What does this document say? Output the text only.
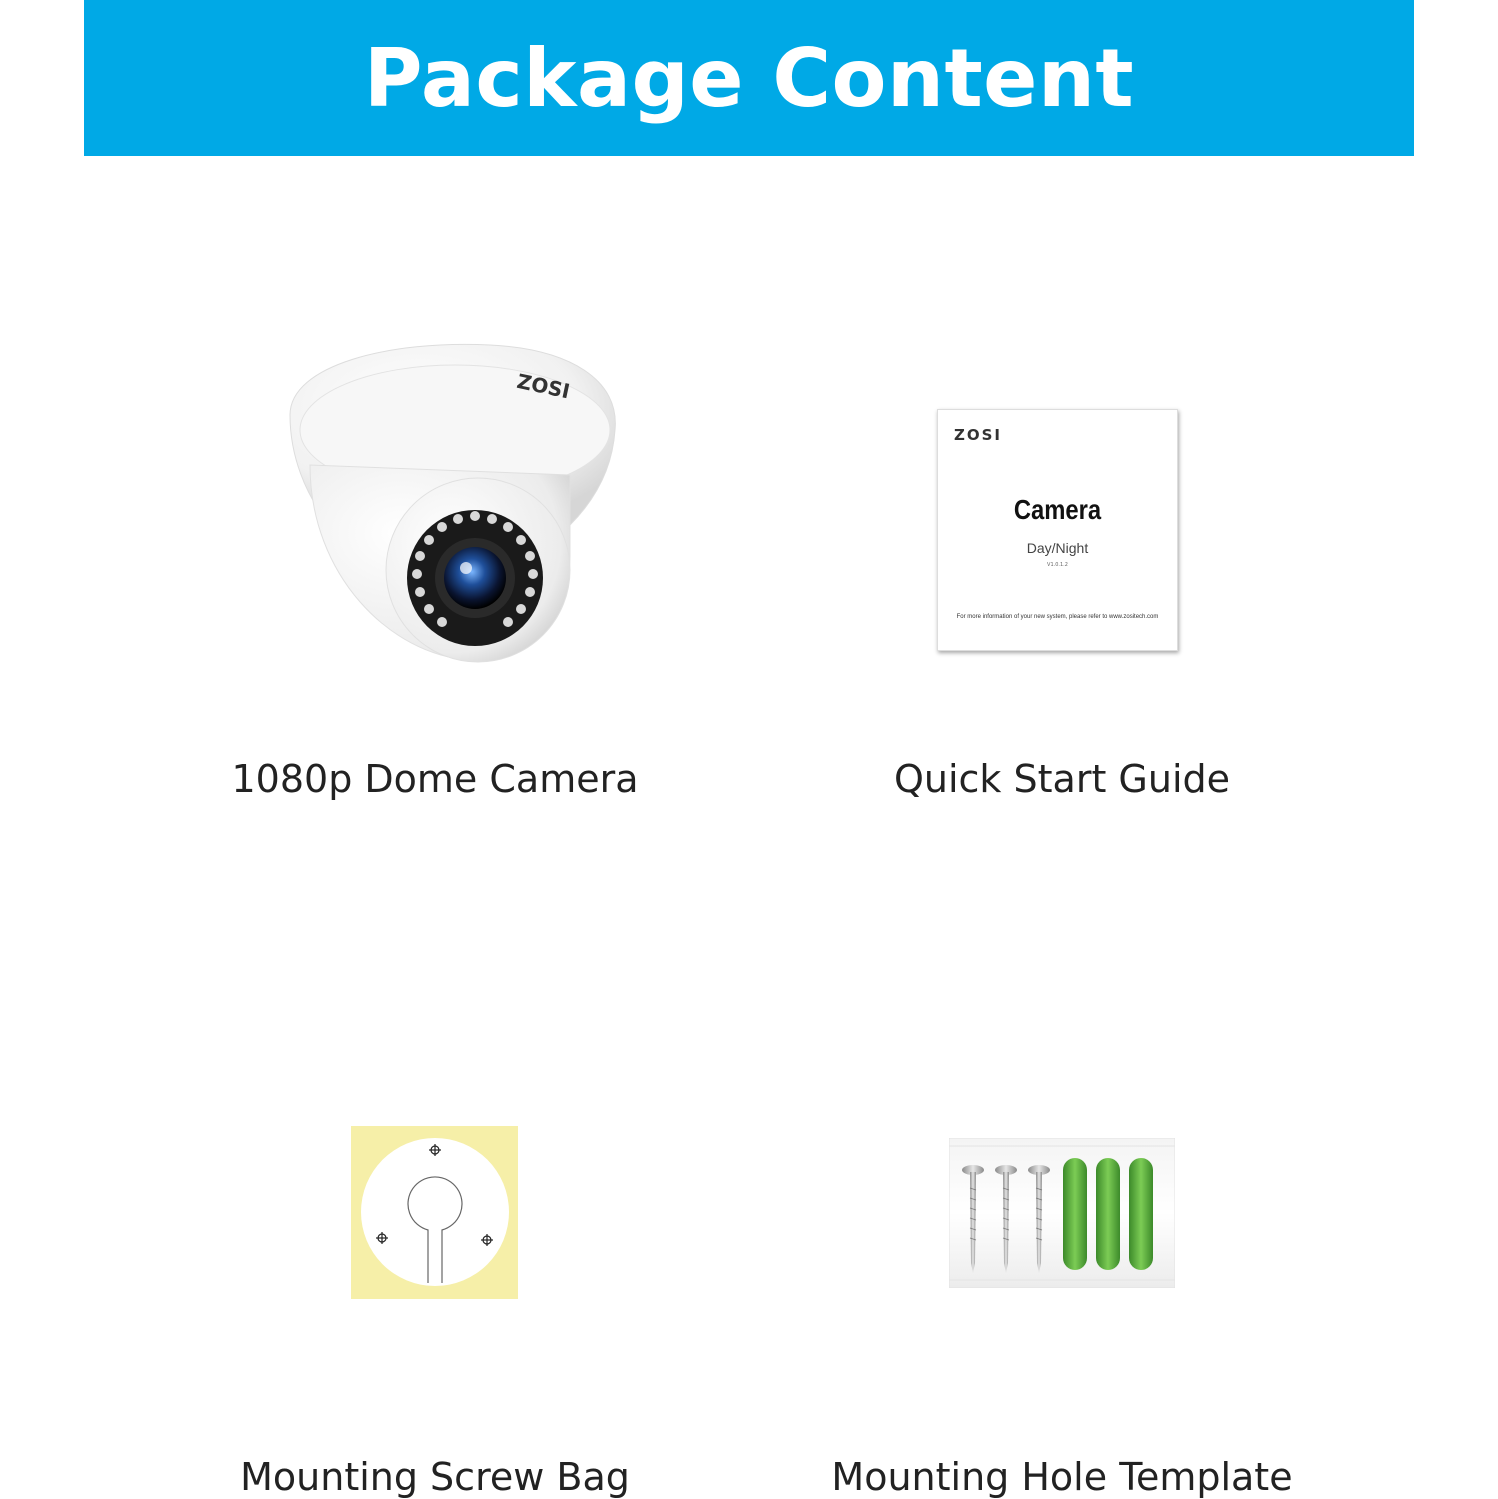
Package Content
ZOSI
1080p Dome Camera
ZOSI
Camera
Day/Night
V1.0.1.2
For more information of your new system, please refer to www.zositech.com
Quick Start Guide
Mounting Screw Bag	Mounting Hole Template
